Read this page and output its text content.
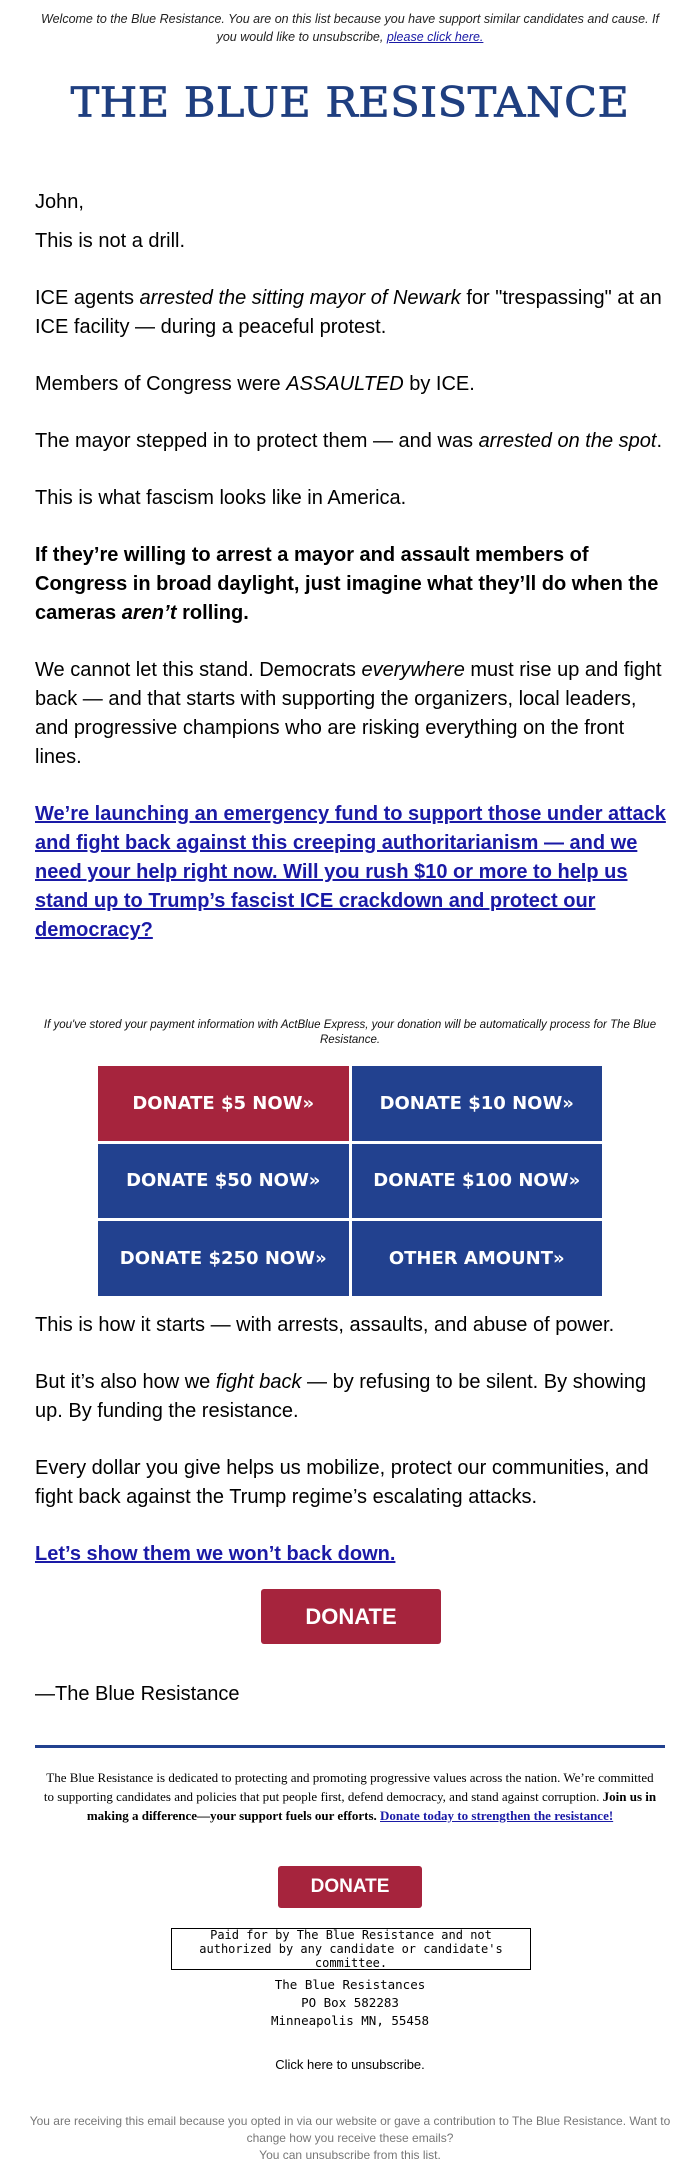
Welcome to the Blue Resistance. You are on this list because you have support similar candidates and cause. If you would like to unsubscribe, please click here.
THE BLUE RESISTANCE
John,
This is not a drill.
ICE agents arrested the sitting mayor of Newark for "trespassing" at an ICE facility — during a peaceful protest.
Members of Congress were ASSAULTED by ICE.
The mayor stepped in to protect them — and was arrested on the spot.
This is what fascism looks like in America.
If they’re willing to arrest a mayor and assault members of Congress in broad daylight, just imagine what they’ll do when the cameras aren’t rolling.
We cannot let this stand. Democrats everywhere must rise up and fight back — and that starts with supporting the organizers, local leaders, and progressive champions who are risking everything on the front lines.
We’re launching an emergency fund to support those under attack and fight back against this creeping authoritarianism — and we need your help right now. Will you rush $10 or more to help us stand up to Trump’s fascist ICE crackdown and protect our democracy?
If you've stored your payment information with ActBlue Express, your donation will be automatically process for The Blue Resistance.
DONATE $5 NOW»	DONATE $10 NOW»
DONATE $50 NOW»	DONATE $100 NOW»
DONATE $250 NOW»	OTHER AMOUNT»
This is how it starts — with arrests, assaults, and abuse of power.
But it’s also how we fight back — by refusing to be silent. By showing up. By funding the resistance.
Every dollar you give helps us mobilize, protect our communities, and fight back against the Trump regime’s escalating attacks.
Let’s show them we won’t back down.
DONATE
—The Blue Resistance
The Blue Resistance is dedicated to protecting and promoting progressive values across the nation. We’re committed to supporting candidates and policies that put people first, defend democracy, and stand against corruption. Join us in making a difference—your support fuels our efforts. Donate today to strengthen the resistance!
DONATE
Paid for by The Blue Resistance and not authorized by any candidate or candidate's committee.
The Blue Resistances
PO Box 582283
Minneapolis MN, 55458
Click here to unsubscribe.
You are receiving this email because you opted in via our website or gave a contribution to The Blue Resistance. Want to change how you receive these emails?
You can unsubscribe from this list.
